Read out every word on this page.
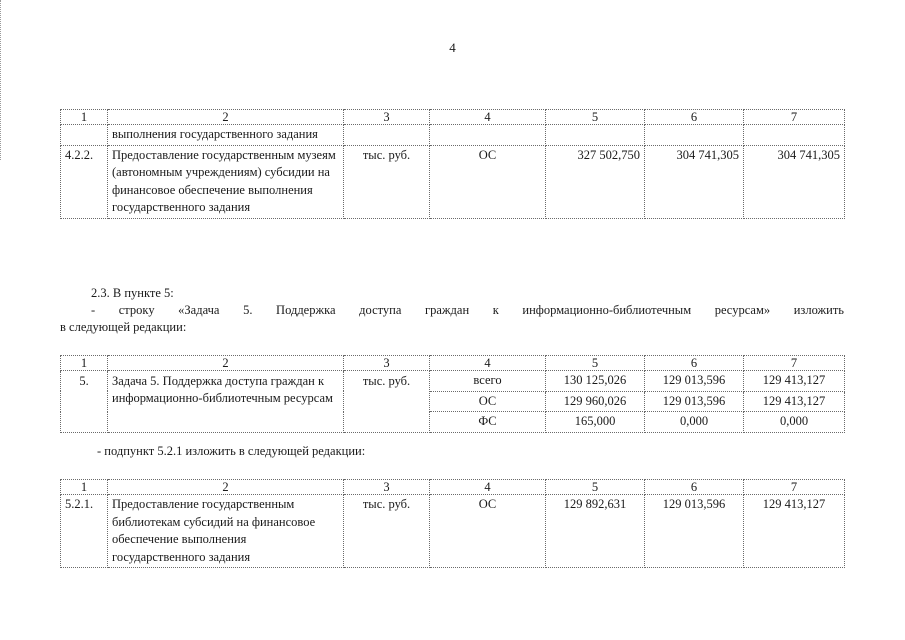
4
1	2	3	4	5	6	7
	выполнения государственного задания					
4.2.2.	Предоставление государственным музеям (автономным учреждениям) субсидии на финансовое обеспечение выполнения государственного задания	тыс. руб.	ОС	327 502,750	304 741,305	304 741,305
2.3. В пункте 5:
- строку «Задача 5. Поддержка доступа граждан к информационно-библиотечным ресурсам» изложить
в следующей редакции:
1	2	3	4	5	6	7
5.	Задача 5. Поддержка доступа граждан к информационно-библиотечным ресурсам	тыс. руб.	всего	130 125,026	129 013,596	129 413,127
			ОС	129 960,026	129 013,596	129 413,127
			ФС	165,000	0,000	0,000
- подпункт 5.2.1 изложить в следующей редакции:
1	2	3	4	5	6	7
5.2.1.	Предоставление государственным библиотекам субсидий на финансовое обеспечение выполнения государственного задания	тыс. руб.	ОС	129 892,631	129 013,596	129 413,127
